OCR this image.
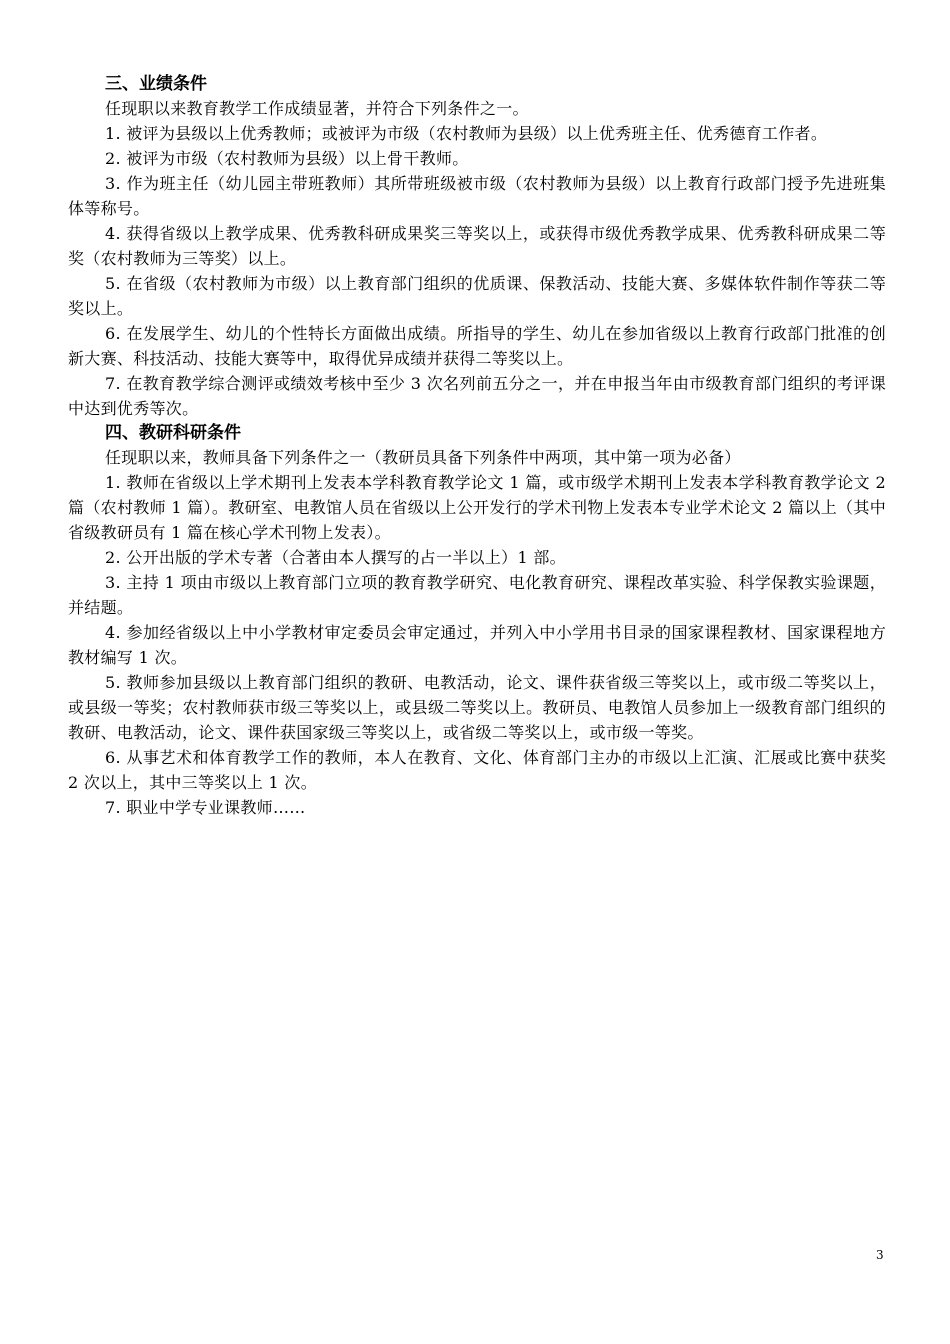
三、业绩条件

任现职以来教育教学工作成绩显著，并符合下列条件之一。

1. 被评为县级以上优秀教师；或被评为市级（农村教师为县级）以上优秀班主任、优秀德育工作者。

2. 被评为市级（农村教师为县级）以上骨干教师。

3. 作为班主任（幼儿园主带班教师）其所带班级被市级（农村教师为县级）以上教育行政部门授予先进班集体等称号。

4. 获得省级以上教学成果、优秀教科研成果奖三等奖以上，或获得市级优秀教学成果、优秀教科研成果二等奖（农村教师为三等奖）以上。

5. 在省级（农村教师为市级）以上教育部门组织的优质课、保教活动、技能大赛、多媒体软件制作等获二等奖以上。

6. 在发展学生、幼儿的个性特长方面做出成绩。所指导的学生、幼儿在参加省级以上教育行政部门批准的创新大赛、科技活动、技能大赛等中，取得优异成绩并获得二等奖以上。

7. 在教育教学综合测评或绩效考核中至少 3 次名列前五分之一，并在申报当年由市级教育部门组织的考评课中达到优秀等次。

四、教研科研条件

任现职以来，教师具备下列条件之一（教研员具备下列条件中两项，其中第一项为必备）

1. 教师在省级以上学术期刊上发表本学科教育教学论文 1 篇，或市级学术期刊上发表本学科教育教学论文 2 篇（农村教师 1 篇）。教研室、电教馆人员在省级以上公开发行的学术刊物上发表本专业学术论文 2 篇以上（其中省级教研员有 1 篇在核心学术刊物上发表）。

2. 公开出版的学术专著（合著由本人撰写的占一半以上）1 部。

3. 主持 1 项由市级以上教育部门立项的教育教学研究、电化教育研究、课程改革实验、科学保教实验课题，并结题。

4. 参加经省级以上中小学教材审定委员会审定通过，并列入中小学用书目录的国家课程教材、国家课程地方教材编写 1 次。

5. 教师参加县级以上教育部门组织的教研、电教活动，论文、课件获省级三等奖以上，或市级二等奖以上，或县级一等奖；农村教师获市级三等奖以上，或县级二等奖以上。教研员、电教馆人员参加上一级教育部门组织的教研、电教活动，论文、课件获国家级三等奖以上，或省级二等奖以上，或市级一等奖。

6. 从事艺术和体育教学工作的教师，本人在教育、文化、体育部门主办的市级以上汇演、汇展或比赛中获奖 2 次以上，其中三等奖以上 1 次。

7. 职业中学专业课教师……

3
